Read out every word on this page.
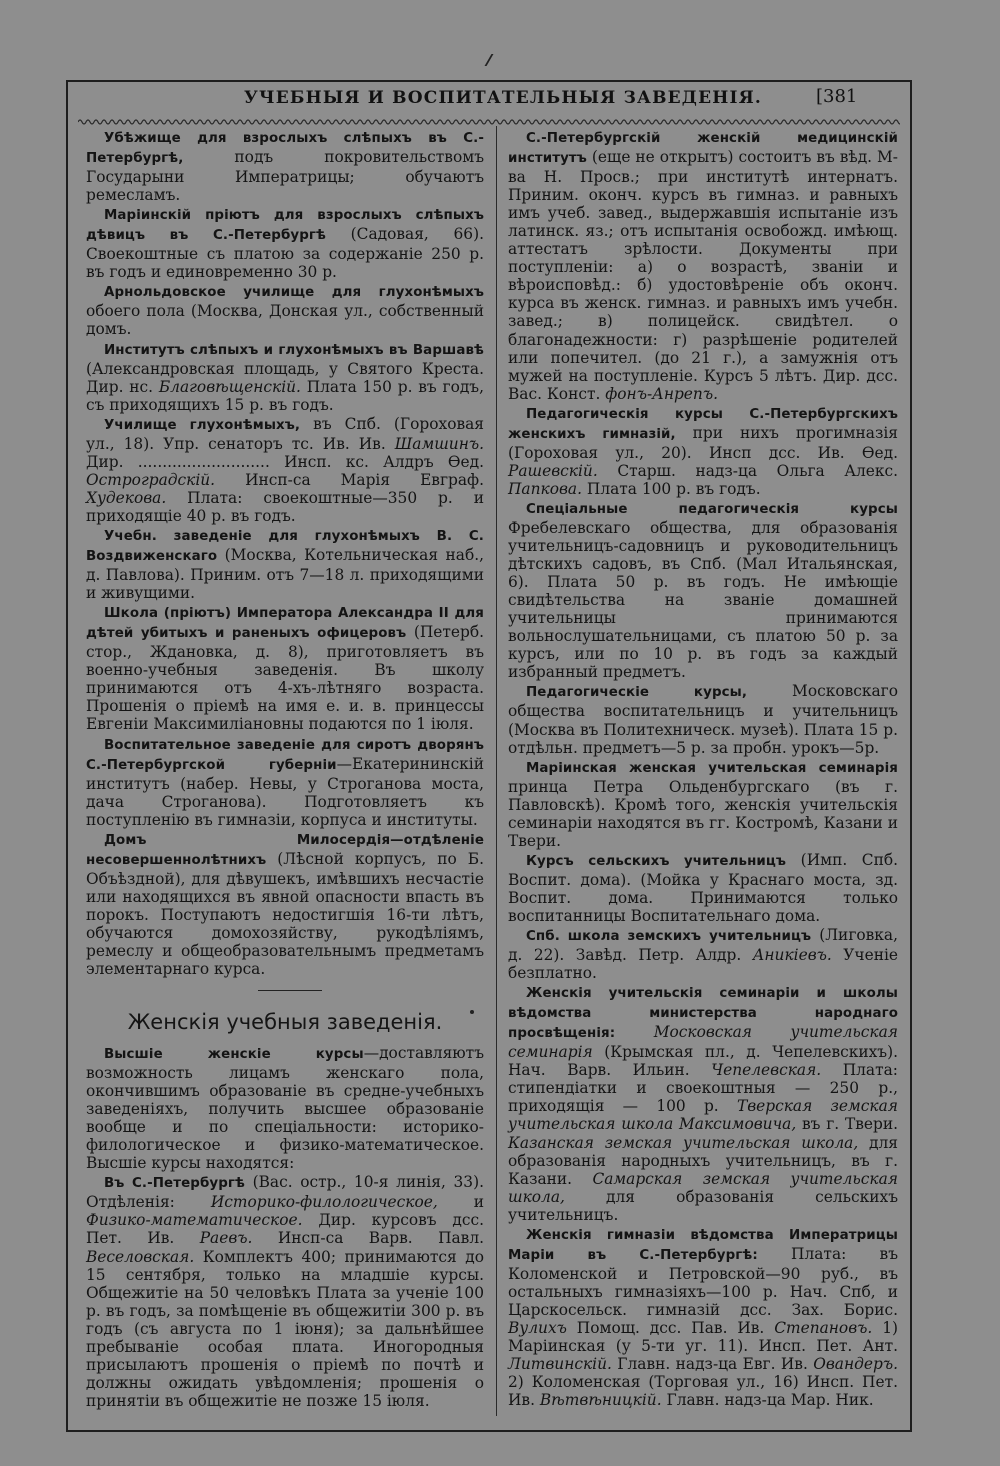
УЧЕБНЫЯ И ВОСПИТАТЕЛЬНЫЯ ЗАВЕДЕНІЯ.	[381

Убѣжище для взрослыхъ слѣпыхъ въ С.-Петербургѣ, подъ покровительствомъ Государыни Императрицы; обучаютъ ремесламъ.

Маріинскій пріютъ для взрослыхъ слѣпыхъ дѣвицъ въ С.-Петербургѣ (Садовая, 66). Своекоштные съ платою за содержаніе 250 р. въ годъ и единовременно 30 р.

Арнольдовское училище для глухонѣмыхъ обоего пола (Москва, Донская ул., собственный домъ.

Институтъ слѣпыхъ и глухонѣмыхъ въ Варшавѣ (Александровская площадь, у Святого Креста. Дир. нс. Благовѣщенскій. Плата 150 р. въ годъ, съ приходящихъ 15 р. въ годъ.

Училище глухонѣмыхъ, въ Спб. (Гороховая ул., 18). Упр. сенаторъ тс. Ив. Ив. Шамшинъ. Дир. ........................... Инсп. кс. Алдръ Ѳед. Остроградскій. Инсп-са Марія Евграф. Худекова. Плата: своекоштные—350 р. и приходящіе 40 р. въ годъ.

Учебн. заведеніе для глухонѣмыхъ В. С. Воздвиженскаго (Москва, Котельническая наб., д. Павлова). Приним. отъ 7—18 л. приходящими и живущими.

Школа (пріютъ) Императора Александра II для дѣтей убитыхъ и раненыхъ офицеровъ (Петерб. стор., Ждановка, д. 8), приготовляетъ въ военно-учебныя заведенія. Въ школу принимаются отъ 4-хъ-лѣтняго возраста. Прошенія о пріемѣ на имя е. и. в. принцессы Евгеніи Максимиліановны подаются по 1 іюля.

Воспитательное заведеніе для сиротъ дворянъ С.-Петербургской губерніи—Екатерининскій институтъ (набер. Невы, у Строганова моста, дача Строганова). Подготовляетъ къ поступленію въ гимназіи, корпуса и институты.

Домъ Милосердія—отдѣленіе несовершеннолѣтнихъ (Лѣсной корпусъ, по Б. Объѣздной), для дѣвушекъ, имѣвшихъ несчастіе или находящихся въ явной опасности впасть въ порокъ. Поступаютъ недостигшія 16-ти лѣтъ, обучаются домохозяйству, рукодѣліямъ, ремеслу и общеобразовательнымъ предметамъ элементарнаго курса.

Женскія учебныя заведенія.

Высшіе женскіе курсы—доставляютъ возможность лицамъ женскаго пола, окончившимъ образованіе въ средне-учебныхъ заведеніяхъ, получить высшее образованіе вообще и по спеціальности: историко-филологическое и физико-математическое. Высшіе курсы находятся:

Въ С.-Петербургѣ (Вас. остр., 10-я линія, 33). Отдѣленія: Историко-филологическое, и Физико-математическое. Дир. курсовъ дсс. Пет. Ив. Раевъ. Инсп-са Варв. Павл. Веселовская. Комплектъ 400; принимаются до 15 сентября, только на младшіе курсы. Общежитіе на 50 человѣкъ Плата за ученіе 100 р. въ годъ, за помѣщеніе въ общежитіи 300 р. въ годъ (съ августа по 1 іюня); за дальнѣйшее пребываніе особая плата. Иногородныя присылаютъ прошенія о пріемѣ по почтѣ и должны ожидать увѣдомленія; прошенія о принятіи въ общежитіе не позже 15 іюля.

С.-Петербургскій женскій медицинскій институтъ (еще не открытъ) состоитъ въ вѣд. М-ва Н. Просв.; при институтѣ интернатъ. Приним. оконч. курсъ въ гимназ. и равныхъ имъ учеб. завед., выдержавшія испытаніе изъ латинск. яз.; отъ испытанія освобожд. имѣющ. аттестатъ зрѣлости. Документы при поступленіи: а) о возрастѣ, званіи и вѣроисповѣд.: б) удостовѣреніе объ оконч. курса въ женск. гимназ. и равныхъ имъ учебн. завед.; в) полицейск. свидѣтел. о благонадежности: г) разрѣшеніе родителей или попечител. (до 21 г.), а замужнія отъ мужей на поступленіе. Курсъ 5 лѣтъ. Дир. дсс. Вас. Конст. фонъ-Анрепъ.

Педагогическія курсы С.-Петербургскихъ женскихъ гимназій, при нихъ прогимназія (Гороховая ул., 20). Инсп дсс. Ив. Ѳед. Рашевскій. Старш. надз-ца Ольга Алекс. Папкова. Плата 100 р. въ годъ.

Спеціальные педагогическія курсы Фребелевскаго общества, для образованія учительницъ-садовницъ и руководительницъ дѣтскихъ садовъ, въ Спб. (Мал Итальянская, 6). Плата 50 р. въ годъ. Не имѣющіе свидѣтельства на званіе домашней учительницы принимаются вольнослушательницами, съ платою 50 р. за курсъ, или по 10 р. въ годъ за каждый избранный предметъ.

Педагогическіе курсы, Московскаго общества воспитательницъ и учительницъ (Москва въ Политехническ. музеѣ). Плата 15 р. отдѣльн. предметъ—5 р. за пробн. урокъ—5р.

Маріинская женская учительская семинарія принца Петра Ольденбургскаго (въ г. Павловскѣ). Кромѣ того, женскія учительскія семинаріи находятся въ гг. Костромѣ, Казани и Твери.

Курсъ сельскихъ учительницъ (Имп. Спб. Воспит. дома). (Мойка у Краснаго моста, зд. Воспит. дома. Принимаются только воспитанницы Воспитательнаго дома.

Спб. школа земскихъ учительницъ (Лиговка, д. 22). Завѣд. Петр. Алдр. Аникіевъ. Ученіе безплатно.

Женскія учительскія семинаріи и школы вѣдомства министерства народнаго просвѣщенія:	Московская учительская семинарія (Крымская пл., д. Чепелевскихъ). Нач. Варв. Ильин. Чепелевская. Плата: стипендіатки и своекоштныя — 250 р., приходящія — 100 р. Тверская земская учительская школа Максимовича, въ г. Твери. Казанская земская учительская школа, для образованія народныхъ учительницъ, въ г. Казани. Самарская земская учительская школа, для образованія сельскихъ учительницъ.

Женскія гимназіи вѣдомства Императрицы Маріи въ С.-Петербургѣ: Плата: въ Коломенской и Петровской—90 руб., въ остальныхъ гимназіяхъ—100 р. Нач. Спб, и Царскосельск. гимназій дсс. Зах. Борис. Вулихъ Помощ. дсс. Пав. Ив. Степановъ. 1) Маріинская (у 5-ти уг. 11). Инсп. Пет. Ант. Литвинскій. Главн. надз-ца Евг. Ив. Овандеръ. 2) Коломенская (Торговая ул., 16) Инсп. Пет. Ив. Вѣтвѣницкій. Главн. надз-ца Мар. Ник.
